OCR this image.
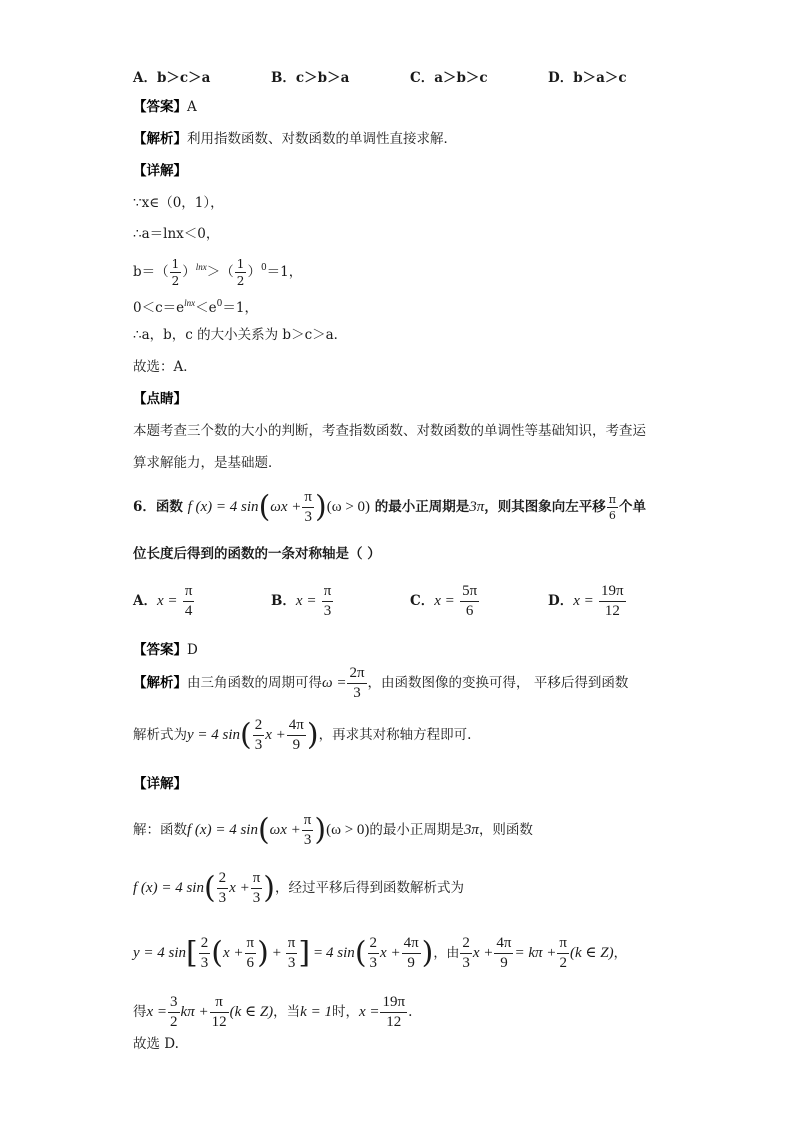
A．b＞c＞a	B．c＞b＞a	C．a＞b＞c	D．b＞a＞c
【答案】A
【解析】利用指数函数、对数函数的单调性直接求解．
【详解】
∵x∈（0，1），
∴a＝lnx＜0，
$b=( \frac{1}{2} )^{lnx}>( \frac{1}{2} )^0=1$，
$0<c=e^{lnx}<e^0=1$，
∴a，b，c 的大小关系为 b＞c＞a．
故选：A．
【点睛】
本题考查三个数的大小的判断，考查指数函数、对数函数的单调性等基础知识，考查运
算求解能力，是基础题．
6．函数 f (x) = 4 $\sin(\omega x + \frac{\pi}{3} )(\omega > 0)$ 的最小正周期是3π，则其图象向左平移 $\frac{\pi}{6}$ 个单
位长度后得到的函数的一条对称轴是（ ）
A．$x = \frac{\pi}{4}$	B．$x = \frac{\pi}{3}$	C．$x = \frac{5\pi}{6}$	D．$x = \frac{19\pi}{12}$
【答案】D
【解析】由三角函数的周期可得$\omega = \frac{2\pi}{3}$ ，由函数图像的变换可得， 平移后得到函数
解析式为y = 4 $\sin( \frac{2}{3}$ $x + \frac{4\pi}{9}$ )，再求其对称轴方程即可.
【详解】
解：函数f (x) = 4 $\sin(\omega x + \frac{\pi}{3} )(\omega > 0)$的最小正周期是3π，则函数
f (x) = 4 $\sin( \frac{2}{3}$ $x + \frac{\pi}{3}$ )，经过平移后得到函数解析式为
y = 4 $\sin[ \frac{2}{3} (x + \frac{\pi}{6}$ ) + $\frac{\pi}{3}$ ] = 4 $\sin( \frac{2}{3}$ $x + \frac{4\pi}{9}$ )，由 $\frac{2}{3}$ $x + \frac{4\pi}{9} = k\pi + \frac{\pi}{2} (k$ ∈ Z)，
得$x = \frac{3}{2}$ $k\pi + \frac{\pi}{12} (k$ ∈ Z)，当k = 1时，$x = \frac{19\pi}{12}$ .
故选 D.
